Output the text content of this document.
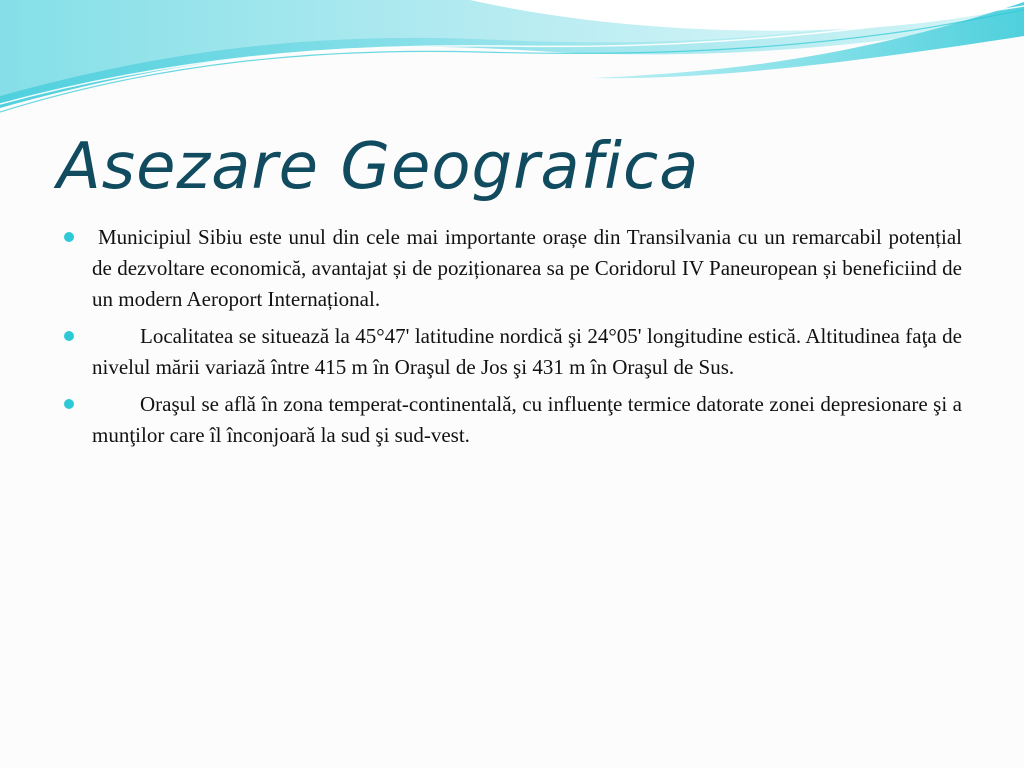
Asezare Geografica
Municipiul Sibiu este unul din cele mai importante orașe din Transilvania cu un remarcabil potențial de dezvoltare economică, avantajat și de poziționarea sa pe Coridorul IV Paneuropean și beneficiind de un modern Aeroport Internațional.
Localitatea se situează la 45°47' latitudine nordică şi 24°05' longitudine estică. Altitudinea faţa de nivelul mării variază între 415 m în Oraşul de Jos şi 431 m în Oraşul de Sus.
Oraşul se aflǎ în zona temperat-continentalǎ, cu influenţe termice datorate zonei depresionare şi a munţilor care îl înconjoarǎ la sud şi sud-vest.
